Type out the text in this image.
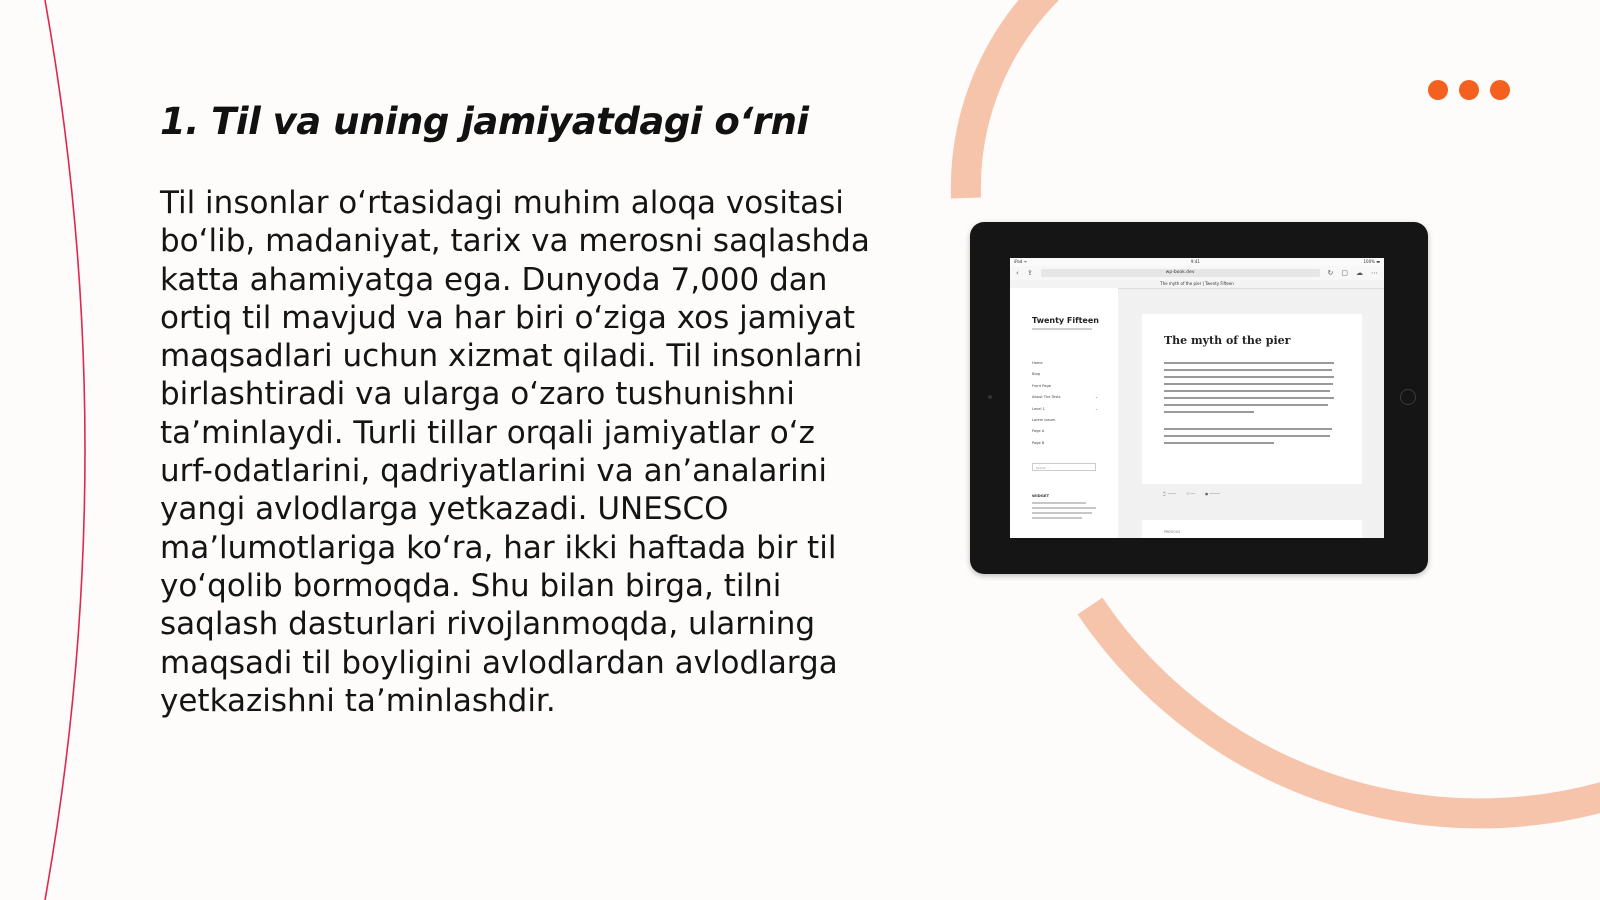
1. Til va uning jamiyatdagi oʻrni
Til insonlar oʻrtasidagi muhim aloqa vositasi
boʻlib, madaniyat, tarix va merosni saqlashda
katta ahamiyatga ega. Dunyoda 7,000 dan
ortiq til mavjud va har biri oʻziga xos jamiyat
maqsadlari uchun xizmat qiladi. Til insonlarni
birlashtiradi va ularga oʻzaro tushunishni
taʼminlaydi. Turli tillar orqali jamiyatlar oʻz
urf-odatlarini, qadriyatlarini va anʼanalarini
yangi avlodlarga yetkazadi. UNESCO
maʼlumotlariga koʻra, har ikki haftada bir til
yoʻqolib bormoqda. Shu bilan birga, tilni
saqlash dasturlari rivojlanmoqda, ularning
maqsadi til boyligini avlodlardan avlodlarga
yetkazishni taʼminlashdir.
iPad ᯤ	9:41	100% ▬
‹ ⇪	wp-book.dev	↻ ▢ ☁ ⋯
The myth of the pier | Twenty Fifteen
Twenty Fifteen
Home
Blog
Front Page
About The Tests	⌄
Level 1	⌄
Lorem Ipsum
Page A
Page B
Search ...
WIDGET
The myth of the pier
⌚ ────	⚇ ──	● ─────
PREVIOUS
